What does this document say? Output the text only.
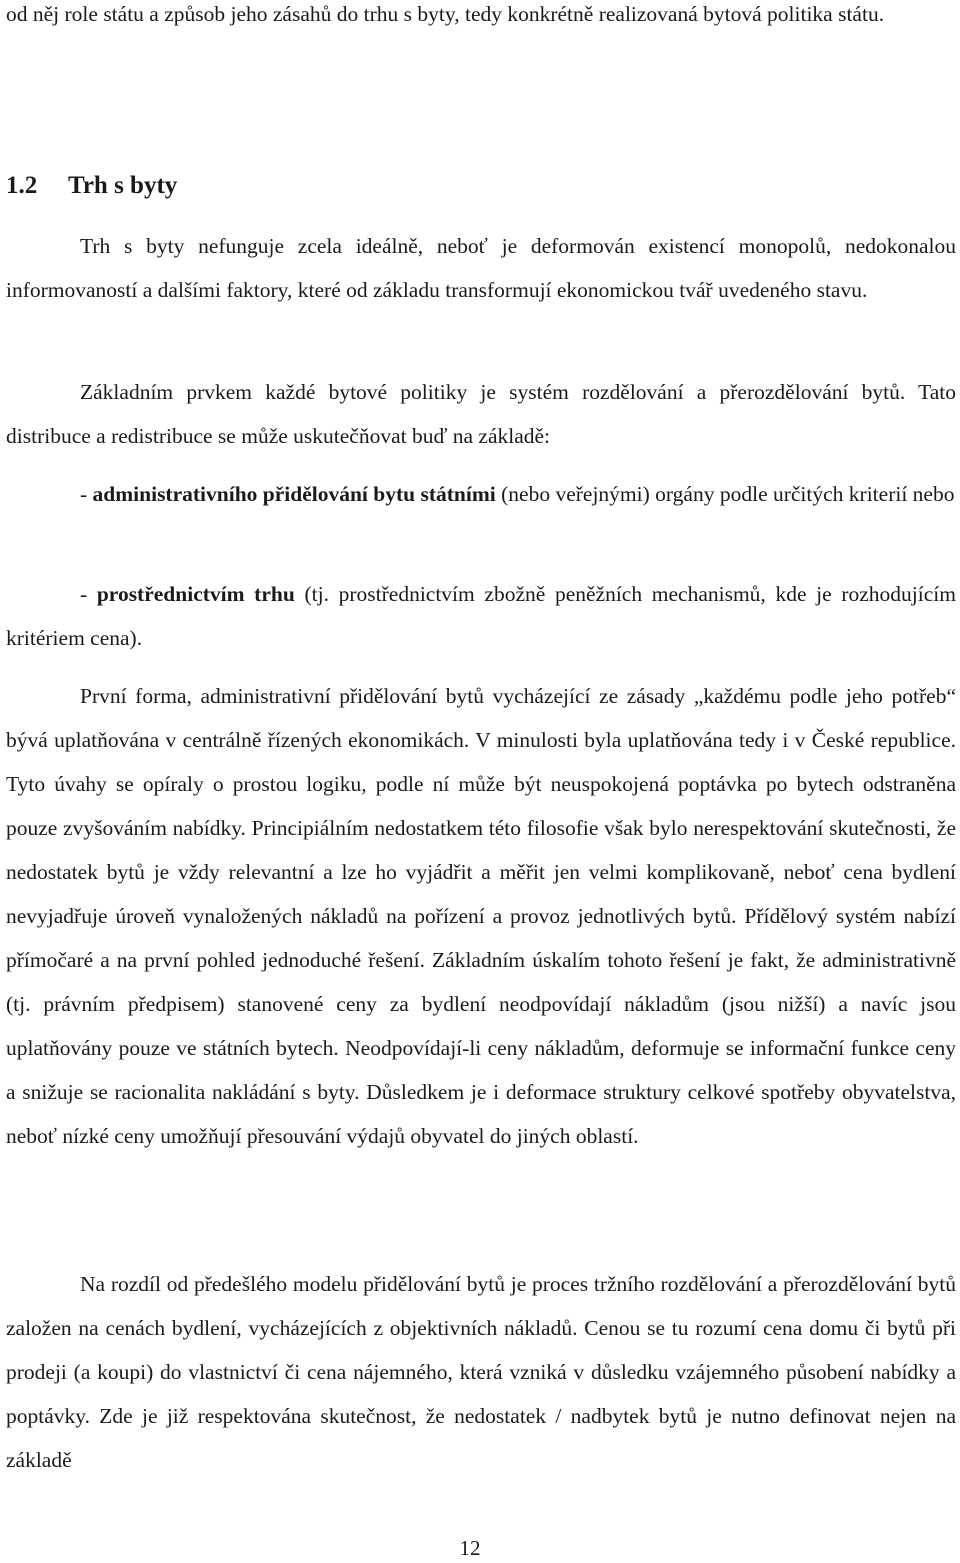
od něj role státu a způsob jeho zásahů do trhu s byty, tedy konkrétně realizovaná bytová politika státu.

1.2 Trh s byty

Trh s byty nefunguje zcela ideálně, neboť je deformován existencí monopolů, nedokonalou informovaností a dalšími faktory, které od základu transformují ekonomickou tvář uvedeného stavu.

Základním prvkem každé bytové politiky je systém rozdělování a přerozdělování bytů. Tato distribuce a redistribuce se může uskutečňovat buď na základě:

- administrativního přidělování bytu státními (nebo veřejnými) orgány podle určitých kriterií nebo

- prostřednictvím trhu (tj. prostřednictvím zbožně peněžních mechanismů, kde je rozhodujícím kritériem cena).

První forma, administrativní přidělování bytů vycházející ze zásady „každému podle jeho potřeb“ bývá uplatňována v centrálně řízených ekonomikách. V minulosti byla uplatňována tedy i v České republice. Tyto úvahy se opíraly o prostou logiku, podle ní může být neuspokojená poptávka po bytech odstraněna pouze zvyšováním nabídky. Principiálním nedostatkem této filosofie však bylo nerespektování skutečnosti, že nedostatek bytů je vždy relevantní a lze ho vyjádřit a měřit jen velmi komplikovaně, neboť cena bydlení nevyjadřuje úroveň vynaložených nákladů na pořízení a provoz jednotlivých bytů. Přídělový systém nabízí přímočaré a na první pohled jednoduché řešení. Základním úskalím tohoto řešení je fakt, že administrativně (tj. právním předpisem) stanovené ceny za bydlení neodpovídají nákladům (jsou nižší) a navíc jsou uplatňovány pouze ve státních bytech. Neodpovídají-li ceny nákladům, deformuje se informační funkce ceny a snižuje se racionalita nakládání s byty. Důsledkem je i deformace struktury celkové spotřeby obyvatelstva, neboť nízké ceny umožňují přesouvání výdajů obyvatel do jiných oblastí.

Na rozdíl od předešlého modelu přidělování bytů je proces tržního rozdělování a přerozdělování bytů založen na cenách bydlení, vycházejících z objektivních nákladů. Cenou se tu rozumí cena domu či bytů při prodeji (a koupi) do vlastnictví či cena nájemného, která vzniká v důsledku vzájemného působení nabídky a poptávky. Zde je již respektována skutečnost, že nedostatek / nadbytek bytů je nutno definovat nejen na základě

12
